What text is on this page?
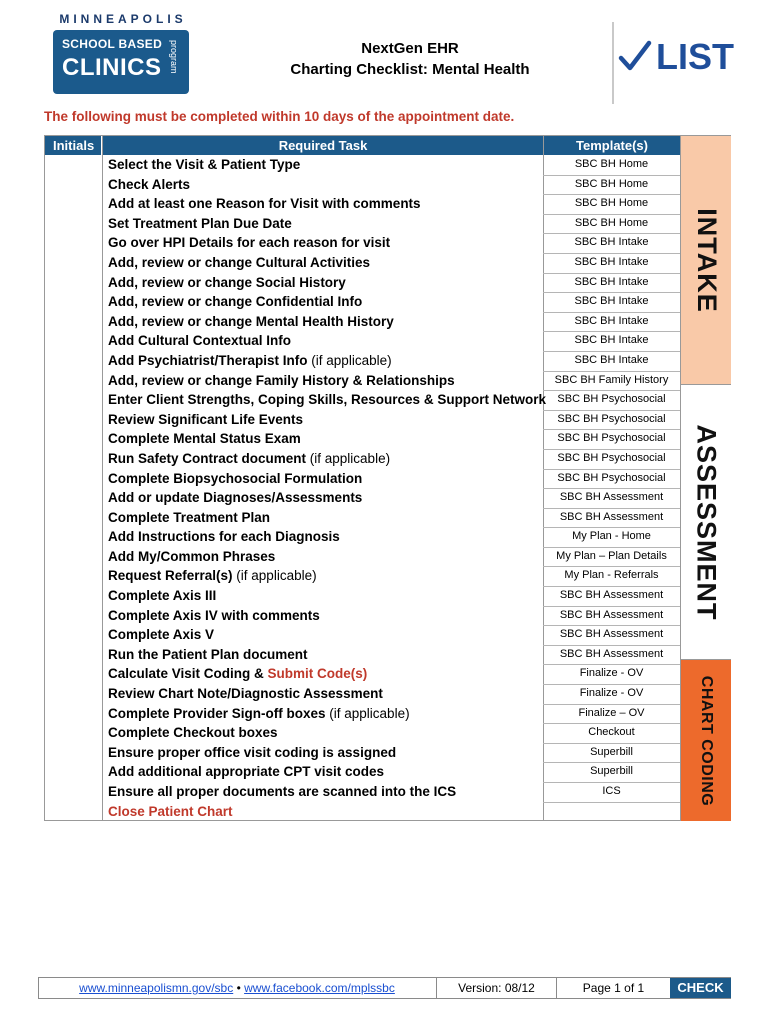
MINNEAPOLIS
SCHOOL BASED
CLINICS program	NextGen EHR
Charting Checklist: Mental Health	LIST
The following must be completed within 10 days of the appointment date.
Initials	Required Task	Template(s)
Select the Visit & Patient Type	SBC BH Home
Check Alerts	SBC BH Home
Add at least one Reason for Visit with comments	SBC BH Home
Set Treatment Plan Due Date	SBC BH Home
Go over HPI Details for each reason for visit	SBC BH Intake
Add, review or change Cultural Activities	SBC BH Intake
Add, review or change Social History	SBC BH Intake
Add, review or change Confidential Info	SBC BH Intake
Add, review or change Mental Health History	SBC BH Intake
Add Cultural Contextual Info	SBC BH Intake
Add Psychiatrist/Therapist Info (if applicable)	SBC BH Intake
Add, review or change Family History & Relationships	SBC BH Family History
Enter Client Strengths, Coping Skills, Resources & Support Network	SBC BH Psychosocial
Review Significant Life Events	SBC BH Psychosocial
Complete Mental Status Exam	SBC BH Psychosocial
Run Safety Contract document (if applicable)	SBC BH Psychosocial
Complete Biopsychosocial Formulation	SBC BH Psychosocial
Add or update Diagnoses/Assessments	SBC BH Assessment
Complete Treatment Plan	SBC BH Assessment
Add Instructions for each Diagnosis	My Plan - Home
Add My/Common Phrases	My Plan – Plan Details
Request Referral(s) (if applicable)	My Plan - Referrals
Complete Axis III	SBC BH Assessment
Complete Axis IV with comments	SBC BH Assessment
Complete Axis V	SBC BH Assessment
Run the Patient Plan document	SBC BH Assessment
Calculate Visit Coding & Submit Code(s)	Finalize - OV
Review Chart Note/Diagnostic Assessment	Finalize - OV
Complete Provider Sign-off boxes (if applicable)	Finalize – OV
Complete Checkout boxes	Checkout
Ensure proper office visit coding is assigned	Superbill
Add additional appropriate CPT visit codes	Superbill
Ensure all proper documents are scanned into the ICS	ICS
Close Patient Chart
INTAKE
ASSESSMENT
CHART CODING
www.minneapolismn.gov/sbc • www.facebook.com/mplssbc	Version: 08/12	Page 1 of 1	CHECK
